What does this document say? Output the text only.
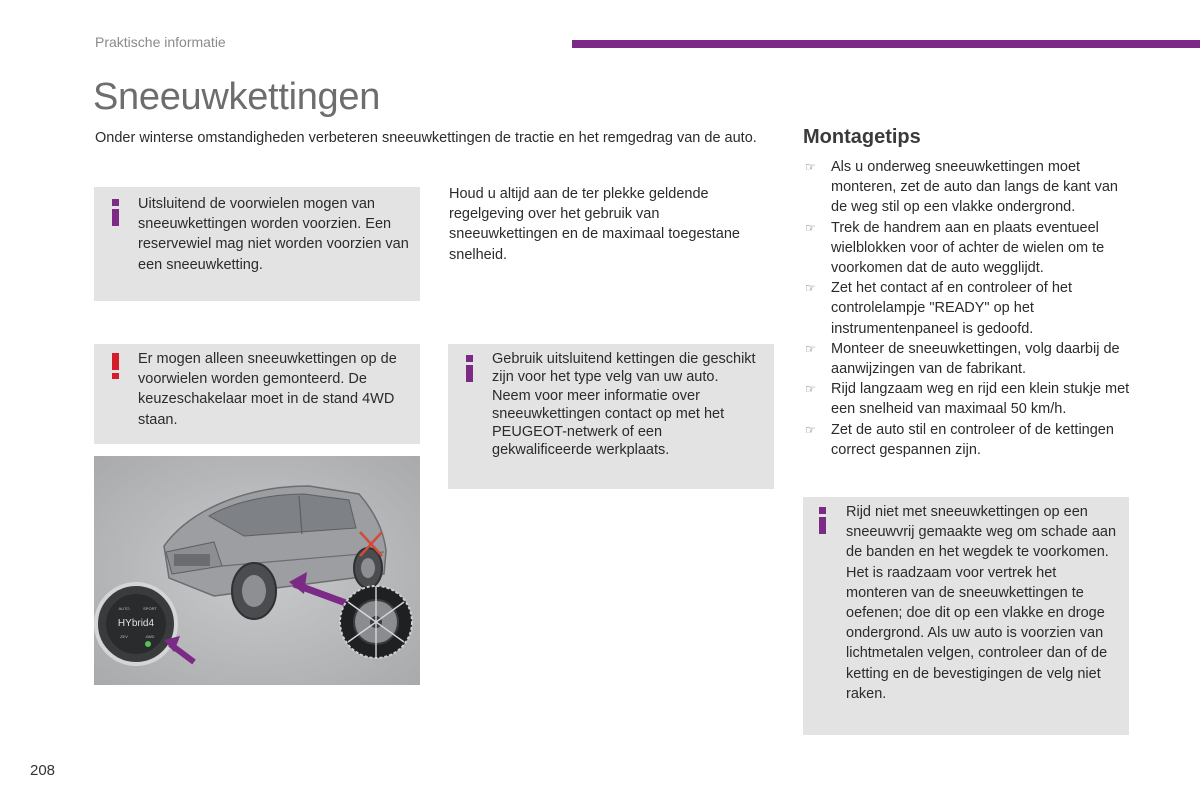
Praktische informatie
Sneeuwkettingen
Onder winterse omstandigheden verbeteren sneeuwkettingen de tractie en het remgedrag van de auto.
Uitsluitend de voorwielen mogen van sneeuwkettingen worden voorzien. Een reservewiel mag niet worden voorzien van een sneeuwketting.
Houd u altijd aan de ter plekke geldende regelgeving over het gebruik van sneeuwkettingen en de maximaal toegestane snelheid.
Er mogen alleen sneeuwkettingen op de voorwielen worden gemonteerd. De keuzeschakelaar moet in de stand 4WD staan.
Gebruik uitsluitend kettingen die geschikt zijn voor het type velg van uw auto.
Neem voor meer informatie over sneeuwkettingen contact op met het PEUGEOT-netwerk of een gekwalificeerde werkplaats.
HYbrid4
AUTO	SPORT
ZEV	4WD
Montagetips
☞ Als u onderweg sneeuwkettingen moet monteren, zet de auto dan langs de kant van de weg stil op een vlakke ondergrond.
☞ Trek de handrem aan en plaats eventueel wielblokken voor of achter de wielen om te voorkomen dat de auto wegglijdt.
☞ Zet het contact af en controleer of het controlelampje "READY" op het instrumentenpaneel is gedoofd.
☞ Monteer de sneeuwkettingen, volg daarbij de aanwijzingen van de fabrikant.
☞ Rijd langzaam weg en rijd een klein stukje met een snelheid van maximaal 50 km/h.
☞ Zet de auto stil en controleer of de kettingen correct gespannen zijn.
Rijd niet met sneeuwkettingen op een sneeuwvrij gemaakte weg om schade aan de banden en het wegdek te voorkomen. Het is raadzaam voor vertrek het monteren van de sneeuwkettingen te oefenen; doe dit op een vlakke en droge ondergrond. Als uw auto is voorzien van lichtmetalen velgen, controleer dan of de ketting en de bevestigingen de velg niet raken.
208
